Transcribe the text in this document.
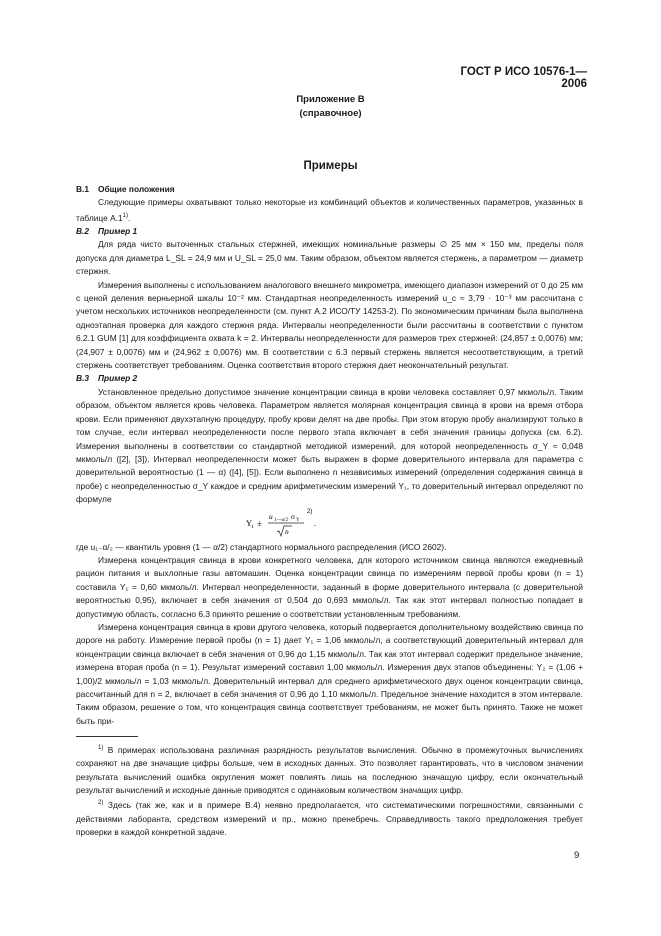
ГОСТ Р ИСО 10576-1—2006
Приложение В
(справочное)
Примеры

В.1 Общие положения

Следующие примеры охватывают только некоторые из комбинаций объектов и количественных параметров, указанных в таблице А.1$^{1)}$.

В.2 Пример 1

Для ряда чисто выточенных стальных стержней, имеющих номинальные размеры ∅ 25 мм × 150 мм, пределы поля допуска для диаметра L_SL = 24,9 мм и U_SL = 25,0 мм. Таким образом, объектом является стержень, а параметром — диаметр стержня.

Измерения выполнены с использованием аналогового внешнего микрометра, имеющего диапазон измерений от 0 до 25 мм с ценой деления верньерной шкалы 10⁻² мм. Стандартная неопределенность измерений u_c ≈ 3,79 · 10⁻³ мм рассчитана с учетом нескольких источников неопределенности (см. пункт А.2 ИСО/ТУ 14253-2). По экономическим причинам была выполнена одноэтапная проверка для каждого стержня ряда. Интервалы неопределенности были рассчитаны в соответствии с пунктом 6.2.1 GUM [1] для коэффициента охвата k = 2. Интервалы неопределенности для размеров трех стержней: (24,857 ± 0,0076) мм; (24,907 ± 0,0076) мм и (24,962 ± 0,0076) мм. В соответствии с 6.3 первый стержень является несоответствующим, а третий стержень соответствует требованиям. Оценка соответствия второго стержня дает неокончательный результат.

В.3 Пример 2

Установленное предельно допустимое значение концентрации свинца в крови человека составляет 0,97 мкмоль/л. Таким образом, объектом является кровь человека. Параметром является молярная концентрация свинца в крови на время отбора крови. Если применяют двухэтапную процедуру, пробу крови делят на две пробы. При этом вторую пробу анализируют только в том случае, если интервал неопределенности после первого этапа включает в себя значения границы допуска (см. 6.2). Измерения выполнены в соответствии со стандартной методикой измерений, для которой неопределенность σ_Y ≈ 0,048 мкмоль/л ([2], [3]). Интервал неопределенности может быть выражен в форме доверительного интервала для параметра с доверительной вероятностью (1 — α) ([4], [5]). Если выполнено n независимых измерений (определения содержания свинца в пробе) с неопределенностью σ_Y каждое и средним арифметическим измерений Y₁, то доверительный интервал определяют по формуле

Y
1 ±
u 1—α/2 σ Y
n
2)
.

где u₁₋α/₂ — квантиль уровня (1 — α/2) стандартного нормального распределения (ИСО 2602).

Измерена концентрация свинца в крови конкретного человека, для которого источником свинца являются ежедневный рацион питания и выхлопные газы автомашин. Оценка концентрации свинца по измерениям первой пробы крови (n = 1) составила Y₁ = 0,60 мкмоль/л. Интервал неопределенности, заданный в форме доверительного интервала (с доверительной вероятностью 0,95), включает в себя значения от 0,504 до 0,693 мкмоль/л. Так как этот интервал полностью попадает в допустимую область, согласно 6.3 принято решение о соответствии установленным требованиям.

Измерена концентрация свинца в крови другого человека, который подвергается дополнительному воздействию свинца по дороге на работу. Измерение первой пробы (n = 1) дает Y₁ = 1,06 мкмоль/л, а соответствующий доверительный интервал для концентрации свинца включает в себя значения от 0,96 до 1,15 мкмоль/л. Так как этот интервал содержит предельное значение, измерена вторая проба (n = 1). Результат измерений составил 1,00 мкмоль/л. Измерения двух этапов объединены: Y₂ = (1,06 + 1,00)/2 мкмоль/л = 1,03 мкмоль/л. Доверительный интервал для среднего арифметического двух оценок концентрации свинца, рассчитанный для n = 2, включает в себя значения от 0,96 до 1,10 мкмоль/л. Предельное значение находится в этом интервале. Таким образом, решение о том, что концентрация свинца соответствует требованиям, не может быть принято. Также не может быть при-

$^{1)}$ В примерах использована различная разрядность результатов вычисления. Обычно в промежуточных вычислениях сохраняют на две значащие цифры больше, чем в исходных данных. Это позволяет гарантировать, что в числовом значении результата вычислений ошибка округления может повлиять лишь на последнюю значащую цифру, если окончательный результат вычислений и исходные данные приводятся с одинаковым количеством значащих цифр.

$^{2)}$ Здесь (так же, как и в примере В.4) неявно предполагается, что систематическими погрешностями, связанными с действиями лаборанта, средством измерений и пр., можно пренебречь. Справедливость такого предположения требует проверки в каждой конкретной задаче.

9
